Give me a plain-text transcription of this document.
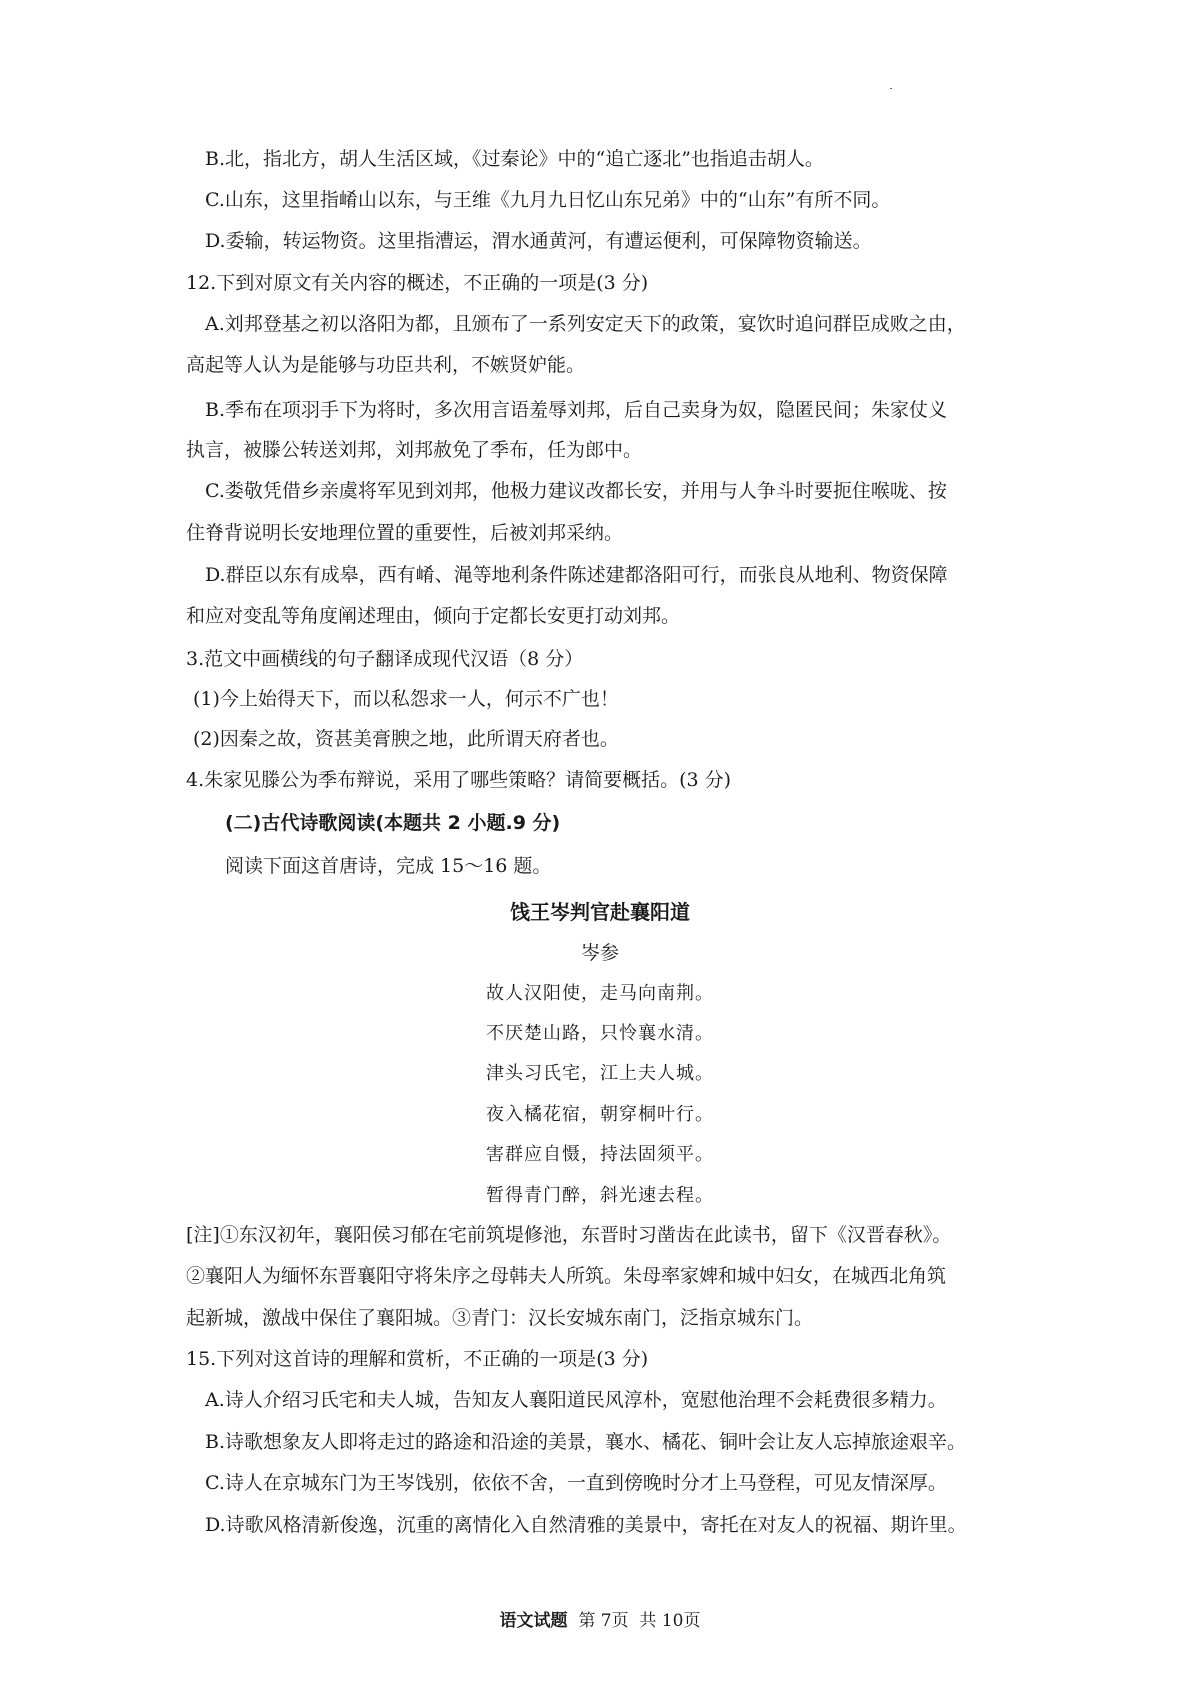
B.北，指北方，胡人生活区域，《过秦论》中的“追亡逐北”也指追击胡人。
C.山东，这里指崤山以东，与王维《九月九日忆山东兄弟》中的“山东”有所不同。
D.委输，转运物资。这里指漕运，渭水通黄河，有遭运便利，可保障物资输送。
12.下到对原文有关内容的概述，不正确的一项是(3 分)
A.刘邦登基之初以洛阳为都，且颁布了一系列安定天下的政策，宴饮时追问群臣成败之由，
高起等人认为是能够与功臣共利，不嫉贤妒能。
B.季布在项羽手下为将时，多次用言语羞辱刘邦，后自己卖身为奴，隐匿民间；朱家仗义
执言，被滕公转送刘邦，刘邦赦免了季布，任为郎中。
C.娄敬凭借乡亲虞将军见到刘邦，他极力建议改都长安，并用与人争斗时要扼住喉咙、按
住脊背说明长安地理位置的重要性，后被刘邦采纳。
D.群臣以东有成皋，西有崤、渑等地利条件陈述建都洛阳可行，而张良从地利、物资保障
和应对变乱等角度阐述理由，倾向于定都长安更打动刘邦。
3.范文中画横线的句子翻译成现代汉语（8 分）
(1)今上始得天下，而以私怨求一人，何示不广也！
(2)因秦之故，资甚美膏腴之地，此所谓天府者也。
4.朱家见滕公为季布辩说，采用了哪些策略？请简要概括。(3 分)
(二)古代诗歌阅读(本题共 2 小题.9 分)
阅读下面这首唐诗，完成 15～16 题。
饯王岑判官赴襄阳道
岑参
故人汉阳使，走马向南荆。
不厌楚山路，只怜襄水清。
津头习氏宅，江上夫人城。
夜入橘花宿，朝穿桐叶行。
害群应自慑，持法固须平。
暂得青门醉，斜光速去程。
[注]①东汉初年，襄阳侯习郁在宅前筑堤修池，东晋时习凿齿在此读书，留下《汉晋春秋》。
②襄阳人为缅怀东晋襄阳守将朱序之母韩夫人所筑。朱母率家婢和城中妇女，在城西北角筑
起新城，激战中保住了襄阳城。③青门：汉长安城东南门，泛指京城东门。
15.下列对这首诗的理解和赏析，不正确的一项是(3 分)
A.诗人介绍习氏宅和夫人城，告知友人襄阳道民风淳朴，宽慰他治理不会耗费很多精力。
B.诗歌想象友人即将走过的路途和沿途的美景，襄水、橘花、铜叶会让友人忘掉旅途艰辛。
C.诗人在京城东门为王岑饯别，依依不舍，一直到傍晚时分才上马登程，可见友情深厚。
D.诗歌风格清新俊逸，沉重的离情化入自然清雅的美景中，寄托在对友人的祝福、期许里。
语文试题 第 7页 共 10页
